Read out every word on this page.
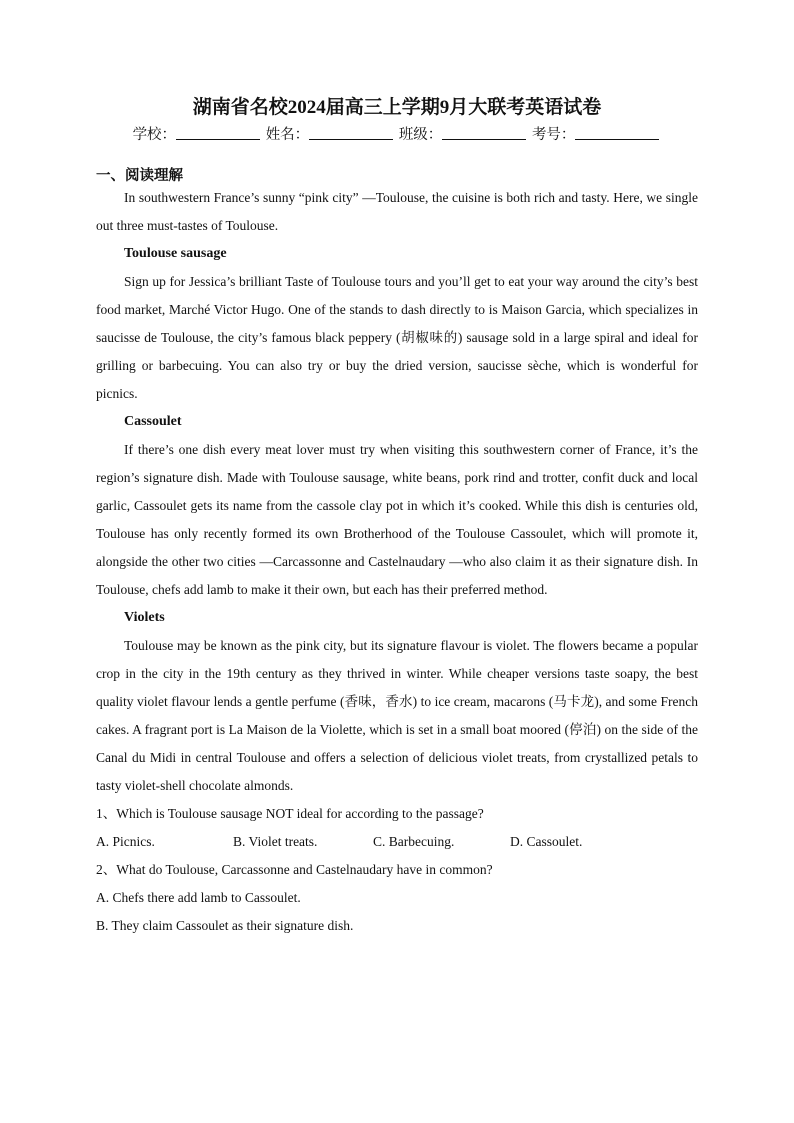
湖南省名校2024届高三上学期9月大联考英语试卷
学校：	姓名：	班级：	考号：
一、阅读理解

In southwestern France’s sunny “pink city” —Toulouse, the cuisine is both rich and tasty. Here, we single out three must-tastes of Toulouse.

Toulouse sausage

Sign up for Jessica’s brilliant Taste of Toulouse tours and you’ll get to eat your way around the city’s best food market, Marché Victor Hugo. One of the stands to dash directly to is Maison Garcia, which specializes in saucisse de Toulouse, the city’s famous black peppery (胡椒味的) sausage sold in a large spiral and ideal for grilling or barbecuing. You can also try or buy the dried version, saucisse sèche, which is wonderful for picnics.

Cassoulet

If there’s one dish every meat lover must try when visiting this southwestern corner of France, it’s the region’s signature dish. Made with Toulouse sausage, white beans, pork rind and trotter, confit duck and local garlic, Cassoulet gets its name from the cassole clay pot in which it’s cooked. While this dish is centuries old, Toulouse has only recently formed its own Brotherhood of the Toulouse Cassoulet, which will promote it, alongside the other two cities —Carcassonne and Castelnaudary —who also claim it as their signature dish. In Toulouse, chefs add lamb to make it their own, but each has their preferred method.

Violets

Toulouse may be known as the pink city, but its signature flavour is violet. The flowers became a popular crop in the city in the 19th century as they thrived in winter. While cheaper versions taste soapy, the best quality violet flavour lends a gentle perfume (香味，香水) to ice cream, macarons (马卡龙), and some French cakes. A fragrant port is La Maison de la Violette, which is set in a small boat moored (停泊) on the side of the Canal du Midi in central Toulouse and offers a selection of delicious violet treats, from crystallized petals to tasty violet-shell chocolate almonds.

1、Which is Toulouse sausage NOT ideal for according to the passage?
A. Picnics.	B. Violet treats.	C. Barbecuing.	D. Cassoulet.
2、What do Toulouse, Carcassonne and Castelnaudary have in common?
A. Chefs there add lamb to Cassoulet.
B. They claim Cassoulet as their signature dish.
